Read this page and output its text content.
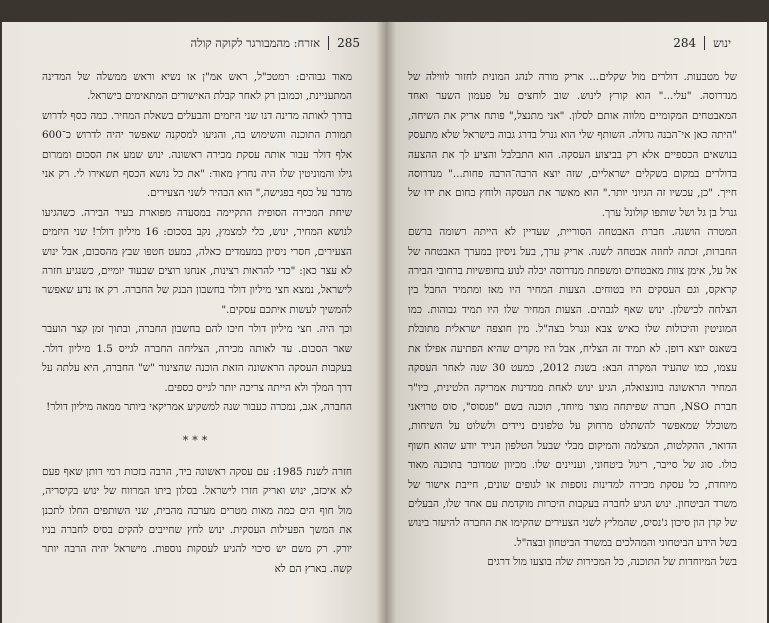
285
אזרח: מהמבורגר לקוקה קולה

מאוד גבוהים: רמטכ"ל, ראש אמ"ן או נשיא וראש ממשלה של המדינה המתעניינת, וכמובן רק לאחר קבלת האישורים המתאימים בישראל.

בדרך לאותה מדינה דנו שני היזמים והבעלים בשאלת המחיר. כמה כסף לדרוש תמורת התוכנה והשימוש בה, והגיעו למסקנה שאפשר יהיה לדרוש כ־600 אלף דולר עבור אותה עסקת מכירה ראשונה. ינוש שמע את הסכום וממרום גילו והמוניטין שלו היה נחרץ מאוד: "את כל נושא הכסף תשאירו לי. רק אני מדבר על כסף בפגישה," הוא הבהיר לשני הצעירים.

שיחת המכירה הסופית התקיימה במסעדה מפוארת בעיר הבירה. כשהגיעו לנושא המחיר, ינוש, כלי למצמץ, נקב בסכום: 16 מיליון דולר! שני היזמים הצעירים, חסרי ניסיון במעמדים כאלה, כמעט חטפו שבץ מהסכום, אבל ינוש לא עצר כאן: "כדי להראות רצינות, אנחנו רוצים שבעוד יומיים, כשנגיע חזרה לישראל, נמצא חצי מיליון דולר בחשבון הבנק של החברה. רק אז נדע שאפשר להמשיך לעשות איתכם עסקים."

וכך היה. חצי מיליון דולר חיכו להם בחשבון החברה, ובתוך זמן קצר הועבר שאר הסכום. עד לאותה מכירה, הצליחה החברה לגייס 1.5 מיליון דולר. בעקבות העסקה הראשונה הזאת הוכנה שהצינור "ש" החברה, היא עלתה על דרך המלך ולא הייתה צריכה יותר לגייס כספים.

החברה, אגב, נמכרה כעבור שנה למשקיע אמריקאי ביותר ממאה מיליון דולר!

***

חזרה לשנת 1985: עם עסקה ראשונה ביד, הרבה בזכות רמי דותן שאף פעם לא איכזב, ינוש ואריק חזרו לישראל. בסלון ביתו המרווח של ינוש בקיסריה, מול חוף הים כמה מאות מטרים מערבה מהבית, שני השותפים החלו לתכנן את המשך הפעילות העסקית. ינוש לחץ שחייבים להקים בסיס לחברה בניו יורק. רק משם יש סיכוי להגיע לעסקות נוספות. מישראל יהיה הרבה יותר קשה. בארץ הם לא

ינוש
284

של מטבעות. דולרים מול שקלים... אריק מורה לנהג המונית לחזור לווילה של מנדרוסה. "עלי..." הוא קורץ לינוש. שוב לוחצים על פעמון השער ואחד המאבטחים המקומיים מלווה אותם לסלון. "אני מתנצל," פותח אריק את השיחה, "היתה כאן אי־הבנה גדולה. השותף שלי הוא גנרל בדרג גבוה בישראל שלא מתעסק בנושאים הכספיים אלא רק בביצוע העסקה. הוא התבלבל והציע לך את ההצעה בדולרים במקום בשקלים ישראליים, שזה יוצא הרבה־הרבה פחות..." מנדרוסה חייך. "כן, עכשיו זה הגיוני יותר." הוא מאשר את העסקה ולוחץ בחום את ידו של גנרל בן גל ושל שותפו קולונל ערך.

המטרה הושגה. חברת האבטחה הסוריית, שעדיין לא הייתה רשומה ברשם החברות, זכתה לחוזה אבטחה לשנה. אריק ערך, בעל ניסיון במערך האבטחה של אל על, אימן צוות מאבטחים ומשפחת מנדרוסה יכלה לנוע בחופשיות ברחובי הבירה קראקס, וגם העסקים היו בטוחים. הצעות המחיר היו מאז ומתמיד החבל בין הצלחה לכישלון. ינוש שאף לגבהים. הצעות המחיר שלו היו תמיד גבוהות. כמו המוניטין והיכולות שלו כאיש צבא וגנרל בצה"ל. מין חוצפה ישראלית מתובלת בשאנס יוצא דופן. לא תמיד זה הצליח, אבל היו מקרים שהיא הפתיעה אפילו את עצמו, כמו שהעיד המקרה הבא: בשנת 2012, כמעט 30 שנה לאחר העסקה המחיר הראשונה בוונצואלה, הגיע ינוש לאחת ממדינות אמריקה הלטינית, כיו"ר חברת NSO, חברה שפיתחה מוצר מיוחד, תוכנה בשם "פגסוס", סוס טרויאני משוכלל שמאפשר להשתלט מרחוק על טלפונים ניידים ולשלוט על השיחות, הדואר, ההקלטות, המצלמה והמיקום מבלי שבעל הטלפון הנייד יודע שהוא חשוף כולו. סוג של סייבר, ריגול ביטחוני, ועניינים שלו. מכיוון שמדובר בתוכנה מאוד מיוחדת, כל עסקת מכירה למדינות נוספות או לגופים שונים, חייבת אישור של משרד הביטחון. ינוש הגיע לחברה בעקבות היכרות מוקדמת עם אחד שלו, הבעלים של קרן הון סיכון ג'נסיס, שהמליץ לשני הצעירים שהקימו את החברה להיעזר בינוש בשל הידע הביטחוני והמהלכים במשרד הביטחון ובצה"ל.

בשל המיוחדות של התוכנה, כל המכירות שלה בוצעו מול דרגים
